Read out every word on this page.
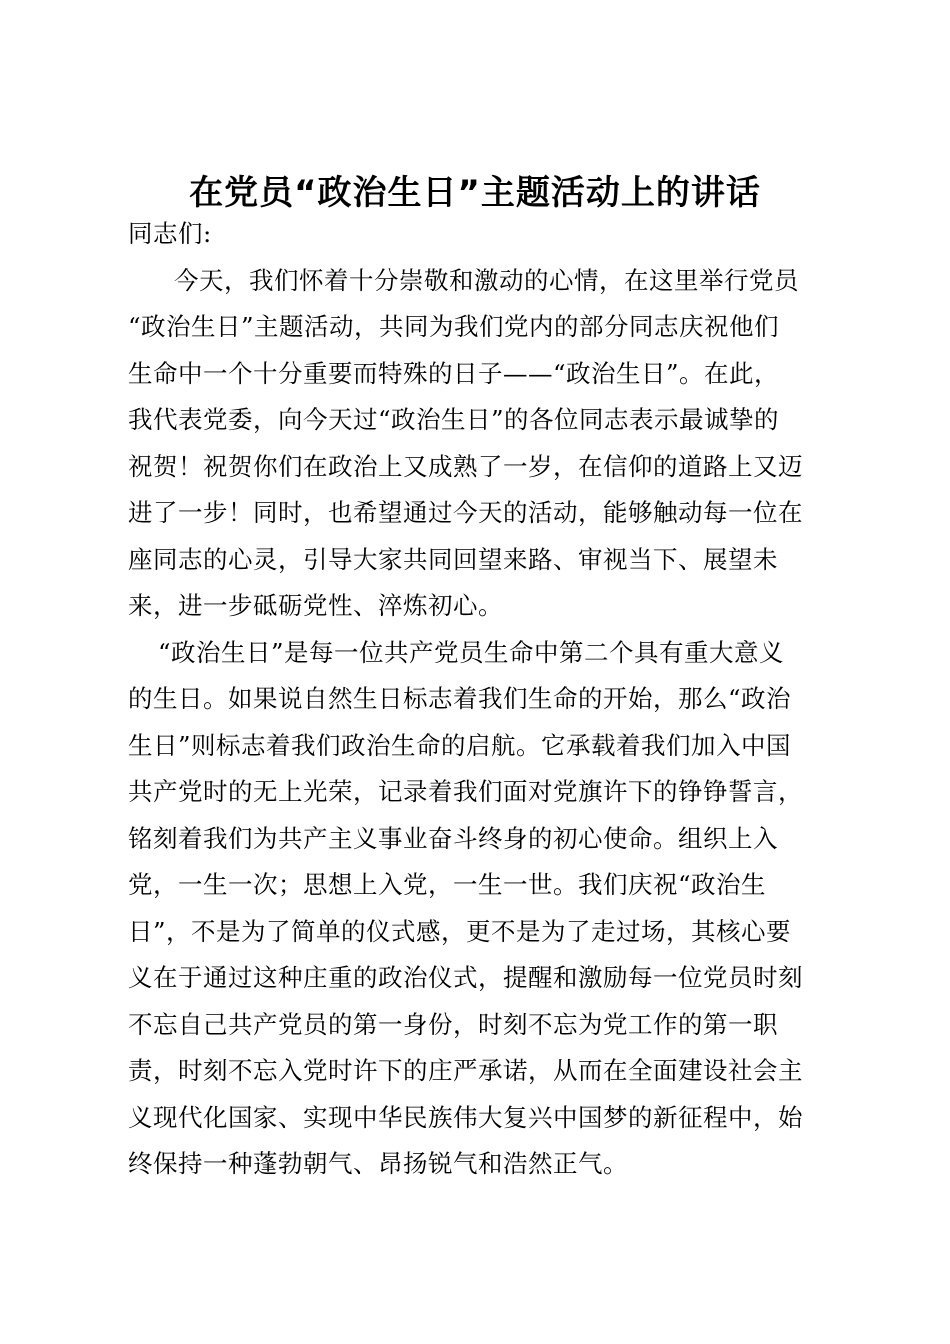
在党员“政治生日”主题活动上的讲话
同志们:
今天，我们怀着十分崇敬和激动的心情，在这里举行党员
“政治生日”主题活动，共同为我们党内的部分同志庆祝他们
生命中一个十分重要而特殊的日子——“政治生日”。在此，
我代表党委，向今天过“政治生日”的各位同志表示最诚挚的
祝贺！祝贺你们在政治上又成熟了一岁，在信仰的道路上又迈
进了一步！同时，也希望通过今天的活动，能够触动每一位在
座同志的心灵，引导大家共同回望来路、审视当下、展望未
来，进一步砥砺党性、淬炼初心。
“政治生日”是每一位共产党员生命中第二个具有重大意义
的生日。如果说自然生日标志着我们生命的开始，那么“政治
生日”则标志着我们政治生命的启航。它承载着我们加入中国
共产党时的无上光荣，记录着我们面对党旗许下的铮铮誓言，
铭刻着我们为共产主义事业奋斗终身的初心使命。组织上入
党，一生一次；思想上入党，一生一世。我们庆祝“政治生
日”，不是为了简单的仪式感，更不是为了走过场，其核心要
义在于通过这种庄重的政治仪式，提醒和激励每一位党员时刻
不忘自己共产党员的第一身份，时刻不忘为党工作的第一职
责，时刻不忘入党时许下的庄严承诺，从而在全面建设社会主
义现代化国家、实现中华民族伟大复兴中国梦的新征程中，始
终保持一种蓬勃朝气、昂扬锐气和浩然正气。
